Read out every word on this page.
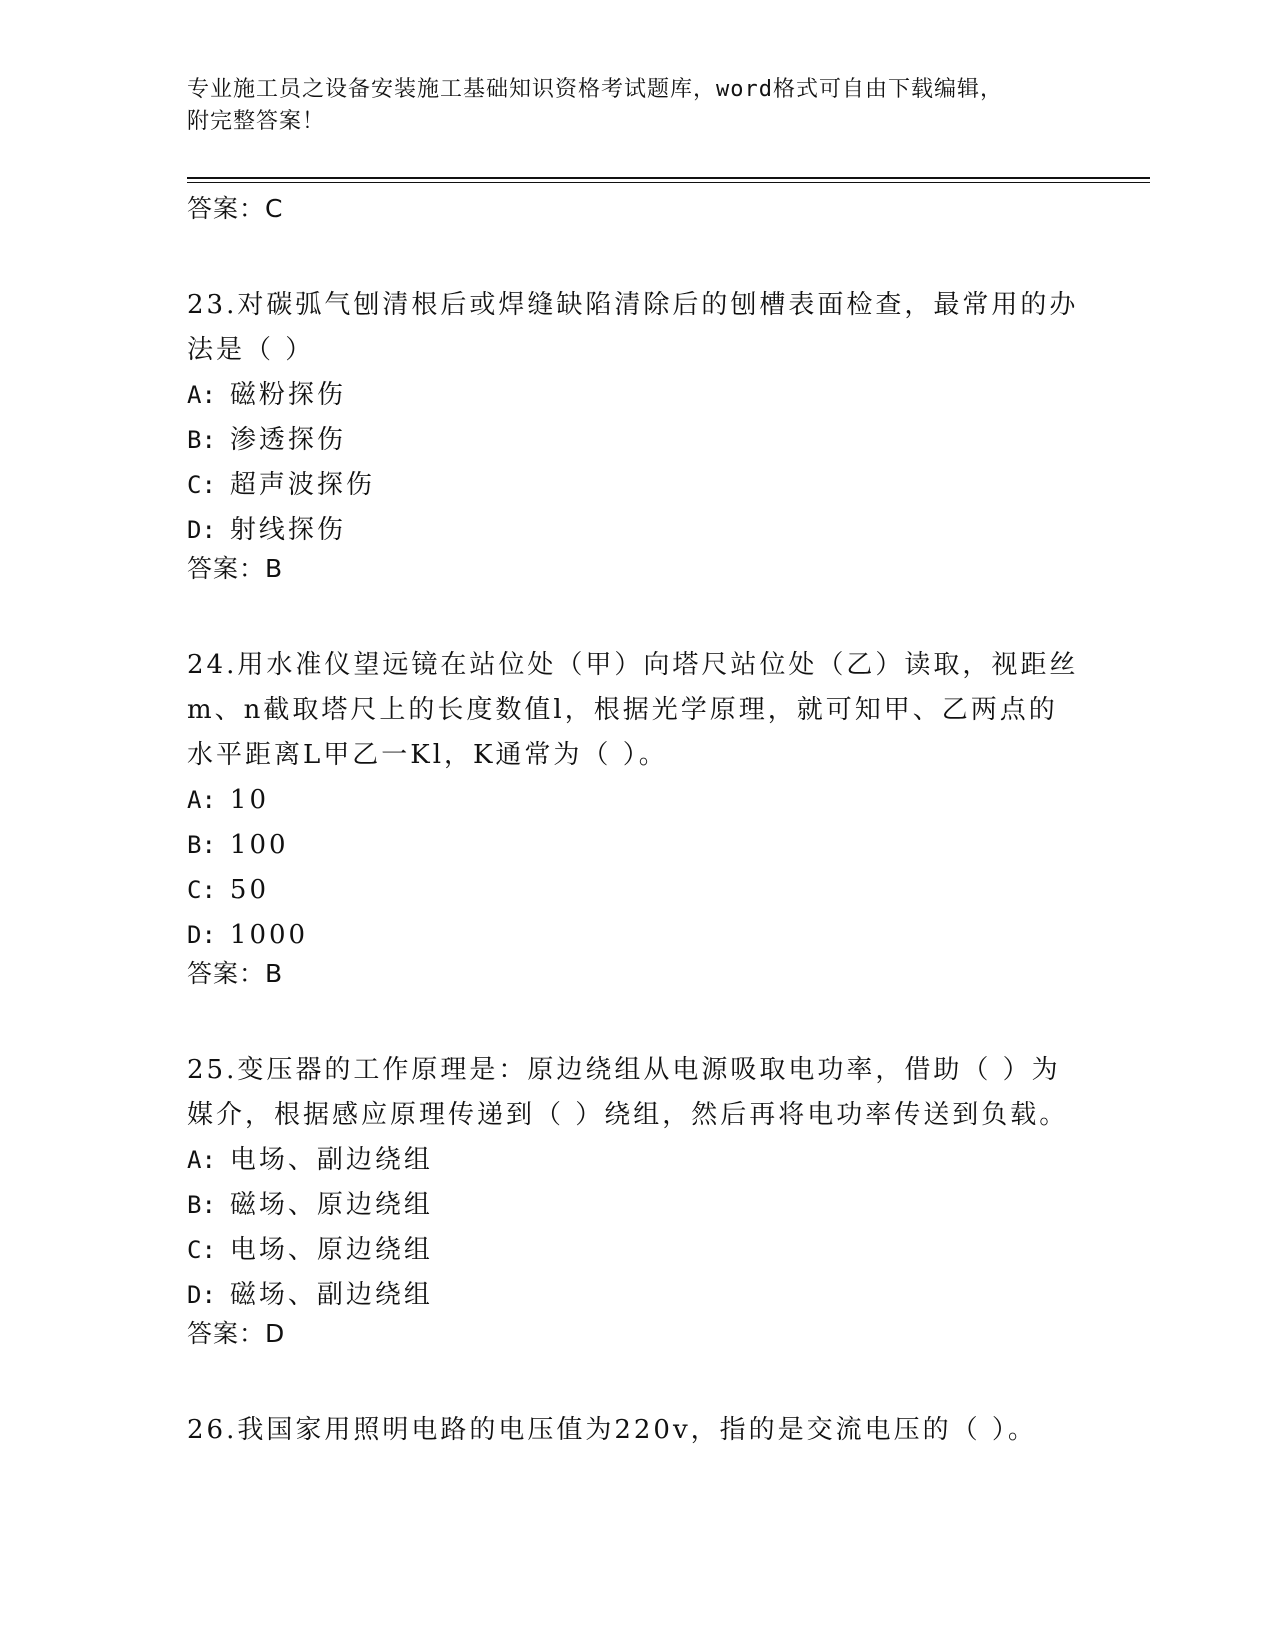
专业施工员之设备安装施工基础知识资格考试题库，word格式可自由下载编辑，
附完整答案！
答案：C

23.对碳弧气刨清根后或焊缝缺陷清除后的刨槽表面检查，最常用的办

法是（ ）

A: 磁粉探伤
B: 渗透探伤
C: 超声波探伤
D: 射线探伤
答案：B

24.用水准仪望远镜在站位处（甲）向塔尺站位处（乙）读取，视距丝

m、n截取塔尺上的长度数值l，根据光学原理，就可知甲、乙两点的

水平距离L甲乙一Kl，K通常为（ ）。

A: 10
B: 100
C: 50
D: 1000
答案：B

25.变压器的工作原理是：原边绕组从电源吸取电功率，借助（ ）为

媒介，根据感应原理传递到（ ）绕组，然后再将电功率传送到负载。

A: 电场、副边绕组
B: 磁场、原边绕组
C: 电场、原边绕组
D: 磁场、副边绕组
答案：D

26.我国家用照明电路的电压值为220v，指的是交流电压的（ ）。
